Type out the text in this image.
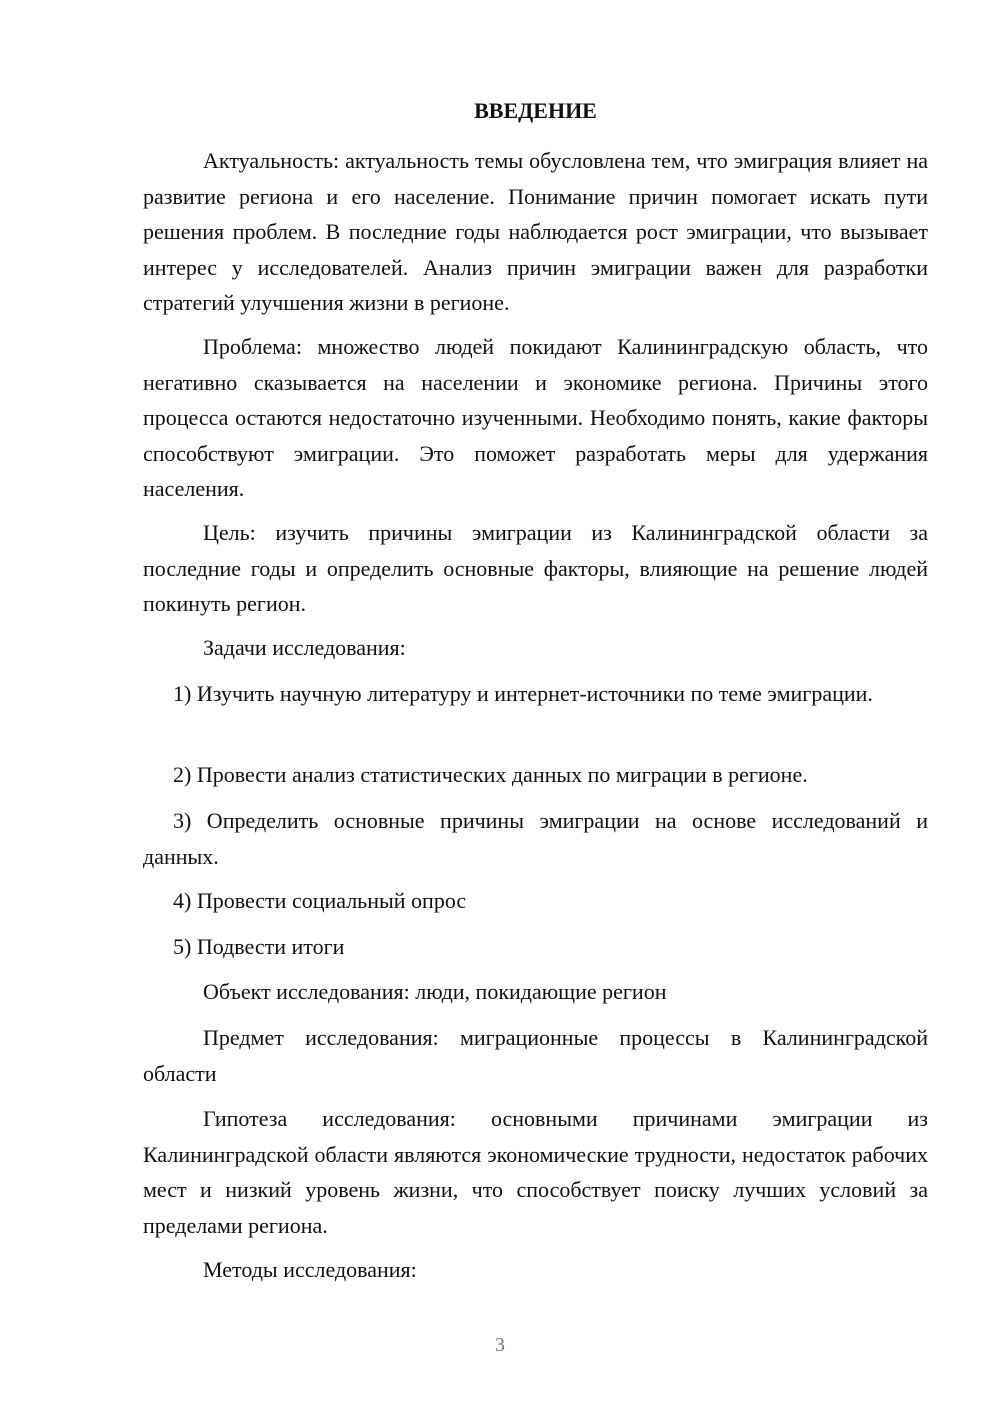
ВВЕДЕНИЕ
Актуальность: актуальность темы обусловлена тем, что эмиграция влияет на развитие региона и его население. Понимание причин помогает искать пути решения проблем. В последние годы наблюдается рост эмиграции, что вызывает интерес у исследователей. Анализ причин эмиграции важен для разработки стратегий улучшения жизни в регионе.
Проблема: множество людей покидают Калининградскую область, что негативно сказывается на населении и экономике региона. Причины этого процесса остаются недостаточно изученными. Необходимо понять, какие факторы способствуют эмиграции. Это поможет разработать меры для удержания населения.
Цель: изучить причины эмиграции из Калининградской области за последние годы и определить основные факторы, влияющие на решение людей покинуть регион.
Задачи исследования:
1) Изучить научную литературу и интернет-источники по теме эмиграции.
2) Провести анализ статистических данных по миграции в регионе.
3) Определить основные причины эмиграции на основе исследований и данных.
4) Провести социальный опрос
5) Подвести итоги
Объект исследования: люди, покидающие регион
Предмет исследования: миграционные процессы в Калининградской области
Гипотеза исследования: основными причинами эмиграции из Калининградской области являются экономические трудности, недостаток рабочих мест и низкий уровень жизни, что способствует поиску лучших условий за пределами региона.
Методы исследования:
3
